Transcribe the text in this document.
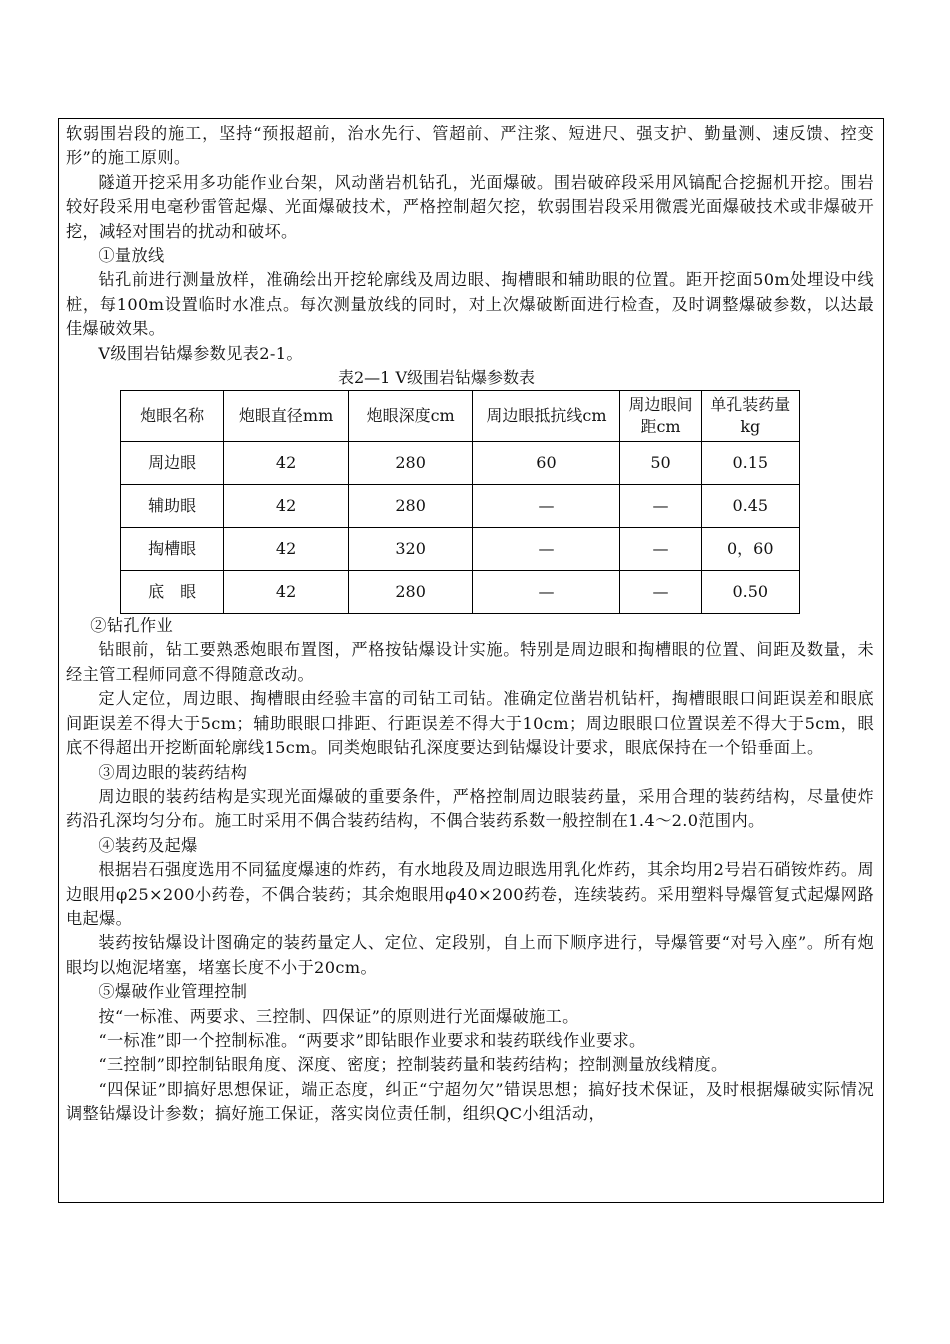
软弱围岩段的施工，坚持“预报超前，治水先行、管超前、严注浆、短进尺、强支护、勤量测、速反馈、控变形”的施工原则。

隧道开挖采用多功能作业台架，风动凿岩机钻孔，光面爆破。围岩破碎段采用风镐配合挖掘机开挖。围岩较好段采用电毫秒雷管起爆、光面爆破技术，严格控制超欠挖，软弱围岩段采用微震光面爆破技术或非爆破开挖，减轻对围岩的扰动和破坏。

①量放线

钻孔前进行测量放样，准确绘出开挖轮廓线及周边眼、掏槽眼和辅助眼的位置。距开挖面50m处埋设中线桩，每100m设置临时水准点。每次测量放线的同时，对上次爆破断面进行检查，及时调整爆破参数，以达最佳爆破效果。

Ⅴ级围岩钻爆参数见表2-1。

表2—1 Ⅴ级围岩钻爆参数表

炮眼名称	炮眼直径mm	炮眼深度cm	周边眼抵抗线cm	周边眼间距cm	单孔装药量kg
周边眼	42	280	60	50	0.15
辅助眼	42	280	—	—	0.45
掏槽眼	42	320	—	—	0，60
底　眼	42	280	—	—	0.50

②钻孔作业

钻眼前，钻工要熟悉炮眼布置图，严格按钻爆设计实施。特别是周边眼和掏槽眼的位置、间距及数量，未经主管工程师同意不得随意改动。

定人定位，周边眼、掏槽眼由经验丰富的司钻工司钻。准确定位凿岩机钻杆，掏槽眼眼口间距误差和眼底间距误差不得大于5cm；辅助眼眼口排距、行距误差不得大于10cm；周边眼眼口位置误差不得大于5cm，眼底不得超出开挖断面轮廓线15cm。同类炮眼钻孔深度要达到钻爆设计要求，眼底保持在一个铅垂面上。

③周边眼的装药结构

周边眼的装药结构是实现光面爆破的重要条件，严格控制周边眼装药量，采用合理的装药结构，尽量使炸药沿孔深均匀分布。施工时采用不偶合装药结构，不偶合装药系数一般控制在1.4～2.0范围内。

④装药及起爆

根据岩石强度选用不同猛度爆速的炸药，有水地段及周边眼选用乳化炸药，其余均用2号岩石硝铵炸药。周边眼用φ25×200小药卷，不偶合装药；其余炮眼用φ40×200药卷，连续装药。采用塑料导爆管复式起爆网路电起爆。

装药按钻爆设计图确定的装药量定人、定位、定段别，自上而下顺序进行，导爆管要“对号入座”。所有炮眼均以炮泥堵塞，堵塞长度不小于20cm。

⑤爆破作业管理控制

按“一标准、两要求、三控制、四保证”的原则进行光面爆破施工。

“一标准”即一个控制标准。“两要求”即钻眼作业要求和装药联线作业要求。

“三控制”即控制钻眼角度、深度、密度；控制装药量和装药结构；控制测量放线精度。

“四保证”即搞好思想保证，端正态度，纠正“宁超勿欠”错误思想；搞好技术保证，及时根据爆破实际情况调整钻爆设计参数；搞好施工保证，落实岗位责任制，组织QC小组活动，
